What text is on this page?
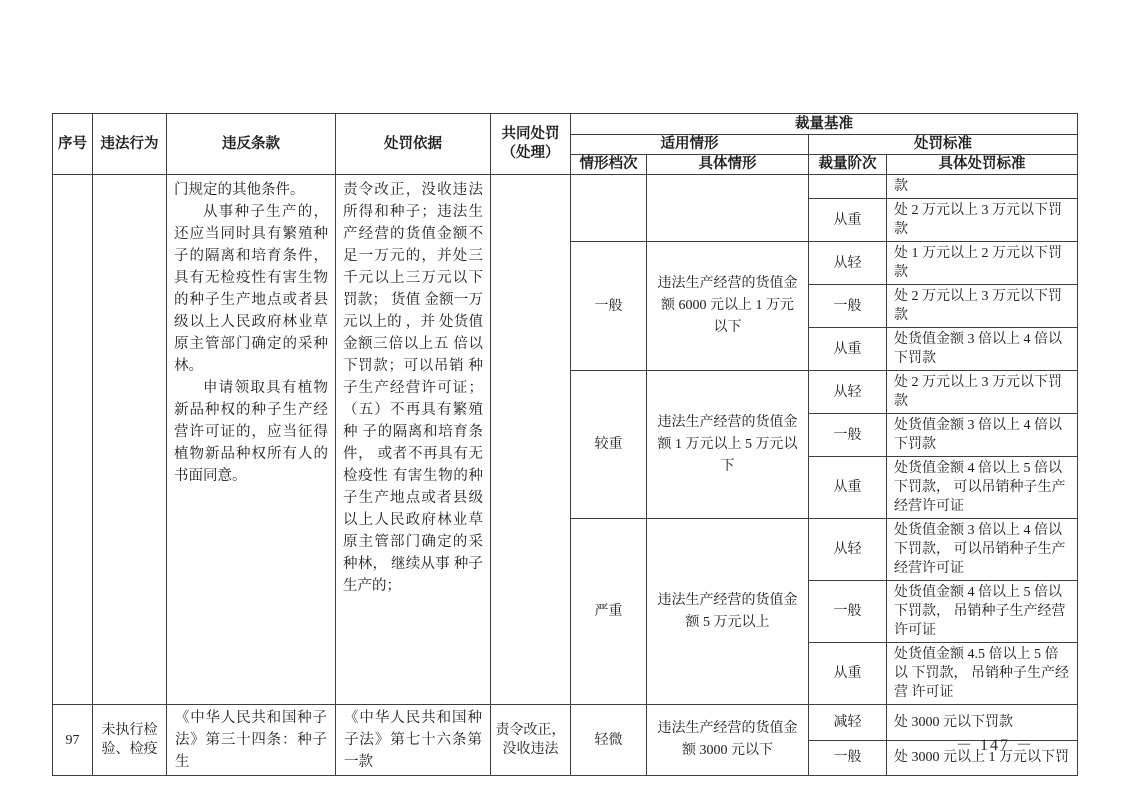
序号	违法行为	违反条款	处罚依据	共同处罚（处理）	裁量基准			
					适用情形		处罚标准	
					情形档次	具体情形	裁量阶次	具体处罚标准

		门规定的其他条件。

从事种子生产的，还应当同时具有繁殖种子的隔离和培育条件，具有无检疫性有害生物的种子生产地点或者县级以上人民政府林业草原主管部门确定的采种林。

申请领取具有植物新品种权的种子生产经营许可证的，应当征得植物新品种权所有人的书面同意。	责令改正，没收违法所得和种子；违法生产经营的货值金额不足一万元的，并处三千元以上三万元以下罚款； 货值 金额一万元以上的 ，并 处货值金额三倍以上五 倍以下罚款；可以吊销 种子生产经营许可证； （五）不再具有繁殖种 子的隔离和培育条件， 或者不再具有无检疫性 有害生物的种子生产地点或者县级以上人民政府林业草原主管部门确定的采种林， 继续从事 种子生产的；					款
							从重	处 2 万元以上 3 万元以下罚 款
					一般	违法生产经营的货值金额 6000 元以上 1 万元以下	从轻	处 1 万元以上 2 万元以下罚 款
							一般	处 2 万元以上 3 万元以下罚 款
							从重	处货值金额 3 倍以上 4 倍以 下罚款
					较重	违法生产经营的货值金额 1 万元以上 5 万元以下	从轻	处 2 万元以上 3 万元以下罚 款
							一般	处货值金额 3 倍以上 4 倍以 下罚款
							从重	处货值金额 4 倍以上 5 倍以 下罚款， 可以吊销种子生产 经营许可证
					严重	违法生产经营的货值金额 5 万元以上	从轻	处货值金额 3 倍以上 4 倍以 下罚款， 可以吊销种子生产 经营许可证
							一般	处货值金额 4 倍以上 5 倍以 下罚款， 吊销种子生产经营 许可证
							从重	处货值金额 4.5 倍以上 5 倍以 下罚款， 吊销种子生产经营 许可证
97	未执行检验、检疫	《中华人民共和国种子法》第三十四条：种子生	《中华人民共和国种子法》第七十六条第一款	责令改正，没收违法	轻微	违法生产经营的货值金额 3000 元以下	减轻	处 3000 元以下罚款
							一般	处 3000 元以上 1 万元以下罚
－ 147 －
